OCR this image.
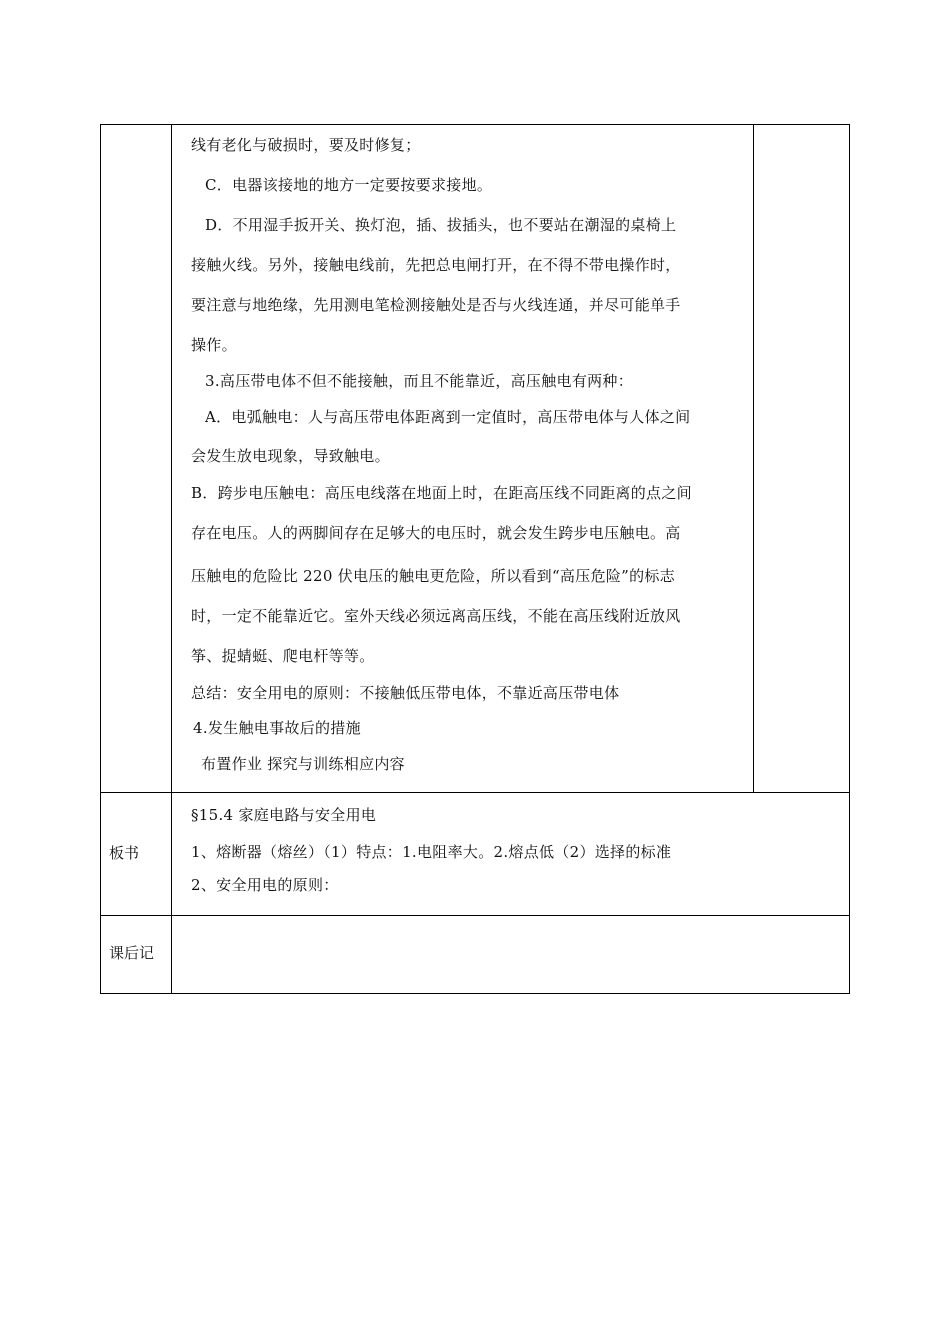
线有老化与破损时，要及时修复；
C．电器该接地的地方一定要按要求接地。
D．不用湿手扳开关、换灯泡，插、拔插头，也不要站在潮湿的桌椅上
接触火线。另外，接触电线前，先把总电闸打开，在不得不带电操作时，
要注意与地绝缘，先用测电笔检测接触处是否与火线连通，并尽可能单手
操作。
3.高压带电体不但不能接触，而且不能靠近，高压触电有两种：
A．电弧触电：人与高压带电体距离到一定值时，高压带电体与人体之间
会发生放电现象，导致触电。
B．跨步电压触电：高压电线落在地面上时，在距高压线不同距离的点之间
存在电压。人的两脚间存在足够大的电压时，就会发生跨步电压触电。高
压触电的危险比 220 伏电压的触电更危险，所以看到“高压危险”的标志
时，一定不能靠近它。室外天线必须远离高压线，不能在高压线附近放风
筝、捉蜻蜓、爬电杆等等。
总结：安全用电的原则：不接触低压带电体，不靠近高压带电体
4.发生触电事故后的措施
布置作业 探究与训练相应内容
板书
§15.4 家庭电路与安全用电
1、熔断器（熔丝）（1）特点：1.电阻率大。2.熔点低（2）选择的标准
2、安全用电的原则：
课后记
